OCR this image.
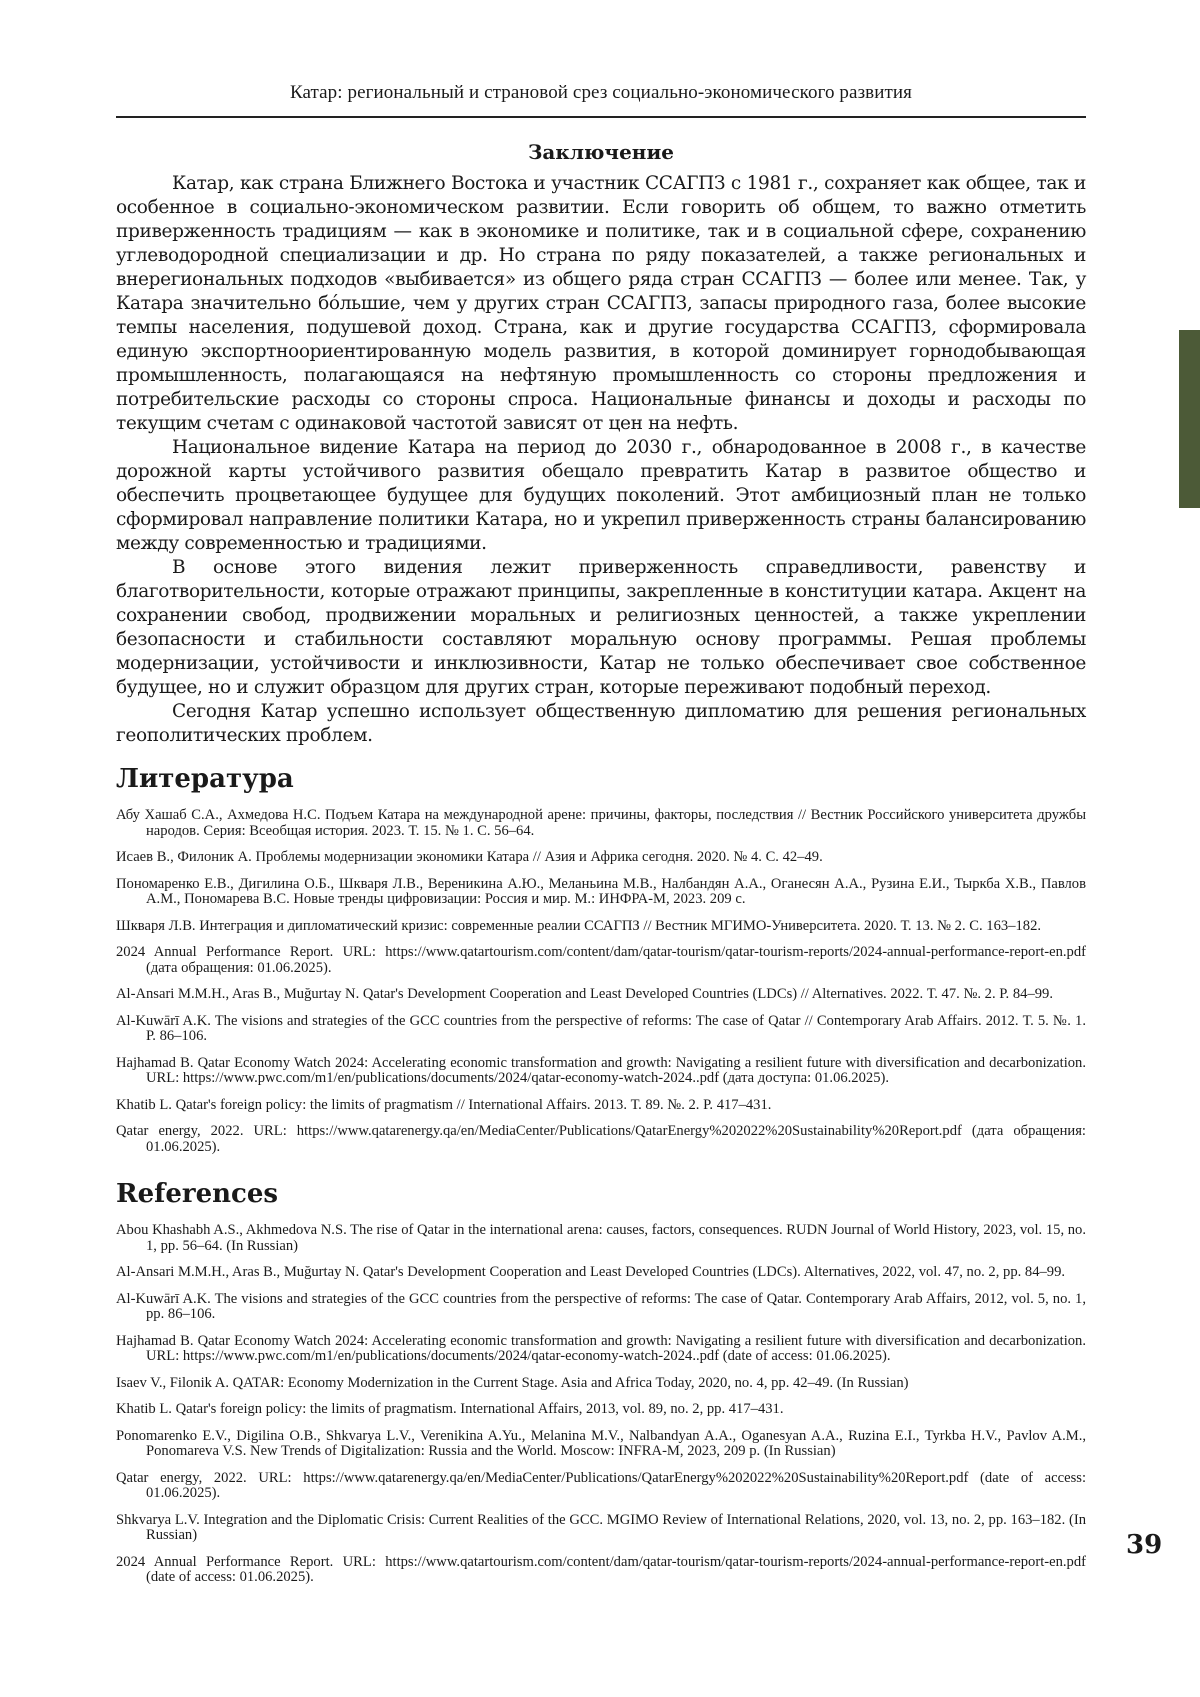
Катар: региональный и страновой срез социально-экономического развития
Заключение

Катар, как страна Ближнего Востока и участник ССАГПЗ с 1981 г., сохраняет как общее, так и особенное в социально-экономическом развитии. Если говорить об общем, то важно отметить приверженность традициям — как в экономике и политике, так и в социальной сфере, сохранению углеводородной специализации и др. Но страна по ряду показателей, а также региональных и внерегиональных подходов «выбивается» из общего ряда стран ССАГПЗ — более или менее. Так, у Катара значительно бóльшие, чем у других стран ССАГПЗ, запасы природного газа, более высокие темпы населения, подушевой доход. Страна, как и другие государства ССАГПЗ, сформировала единую экспортноориентированную модель развития, в которой доминирует горнодобывающая промышленность, полагающаяся на нефтяную промышленность со стороны предложения и потребительские расходы со стороны спроса. Национальные финансы и доходы и расходы по текущим счетам с одинаковой частотой зависят от цен на нефть.

Национальное видение Катара на период до 2030 г., обнародованное в 2008 г., в качестве дорожной карты устойчивого развития обещало превратить Катар в развитое общество и обеспечить процветающее будущее для будущих поколений. Этот амбициозный план не только сформировал направление политики Катара, но и укрепил приверженность страны балансированию между современностью и традициями.

В основе этого видения лежит приверженность справедливости, равенству и благотворительности, которые отражают принципы, закрепленные в конституции катара. Акцент на сохранении свобод, продвижении моральных и религиозных ценностей, а также укреплении безопасности и стабильности составляют моральную основу программы. Решая проблемы модернизации, устойчивости и инклюзивности, Катар не только обеспечивает свое собственное будущее, но и служит образцом для других стран, которые переживают подобный переход.

Сегодня Катар успешно использует общественную дипломатию для решения региональных геополитических проблем.

Литература

Абу Хашаб С.А., Ахмедова Н.С. Подъем Катара на международной арене: причины, факторы, последствия // Вестник Российского университета дружбы народов. Серия: Всеобщая история. 2023. Т. 15. № 1. С. 56–64.

Исаев В., Филоник А. Проблемы модернизации экономики Катара // Азия и Африка сегодня. 2020. № 4. С. 42–49.

Пономаренко Е.В., Дигилина О.Б., Шкваря Л.В., Вереникина А.Ю., Меланьина М.В., Налбандян А.А., Оганесян А.А., Рузина Е.И., Тыркба Х.В., Павлов А.М., Пономарева В.С. Новые тренды цифровизации: Россия и мир. М.: ИНФРА-М, 2023. 209 с.

Шкваря Л.В. Интеграция и дипломатический кризис: современные реалии ССАГПЗ // Вестник МГИМО-Университета. 2020. Т. 13. № 2. С. 163–182.

2024 Annual Performance Report. URL: https://www.qatartourism.com/content/dam/qatar-tourism/qatar-tourism-reports/2024-annual-performance-report-en.pdf (дата обращения: 01.06.2025).

Al-Ansari M.M.H., Aras B., Muğurtay N. Qatar's Development Cooperation and Least Developed Countries (LDCs) // Alternatives. 2022. Т. 47. №. 2. Р. 84–99.

Al-Kuwārī A.K. The visions and strategies of the GCC countries from the perspective of reforms: The case of Qatar // Contemporary Arab Affairs. 2012. Т. 5. №. 1. Р. 86–106.

Hajhamad B. Qatar Economy Watch 2024: Accelerating economic transformation and growth: Navigating a resilient future with diversification and decarbonization. URL: https://www.pwc.com/m1/en/publications/documents/2024/qatar-economy-watch-2024..pdf (дата доступа: 01.06.2025).

Khatib L. Qatar's foreign policy: the limits of pragmatism // International Affairs. 2013. Т. 89. №. 2. Р. 417–431.

Qatar energy, 2022. URL: https://www.qatarenergy.qa/en/MediaCenter/Publications/QatarEnergy%202022%20Sustainability%20Report.pdf (дата обращения: 01.06.2025).

References

Abou Khashabh A.S., Akhmedova N.S. The rise of Qatar in the international arena: causes, factors, consequences. RUDN Journal of World History, 2023, vol. 15, no. 1, pp. 56–64. (In Russian)

Al-Ansari M.M.H., Aras B., Muğurtay N. Qatar's Development Cooperation and Least Developed Countries (LDCs). Alternatives, 2022, vol. 47, no. 2, pp. 84–99.

Al-Kuwārī A.K. The visions and strategies of the GCC countries from the perspective of reforms: The case of Qatar. Contemporary Arab Affairs, 2012, vol. 5, no. 1, pp. 86–106.

Hajhamad B. Qatar Economy Watch 2024: Accelerating economic transformation and growth: Navigating a resilient future with diversification and decarbonization. URL: https://www.pwc.com/m1/en/publications/documents/2024/qatar-economy-watch-2024..pdf (date of access: 01.06.2025).

Isaev V., Filonik A. QATAR: Economy Modernization in the Current Stage. Asia and Africa Today, 2020, no. 4, pp. 42–49. (In Russian)

Khatib L. Qatar's foreign policy: the limits of pragmatism. International Affairs, 2013, vol. 89, no. 2, pp. 417–431.

Ponomarenko E.V., Digilina O.B., Shkvarya L.V., Verenikina A.Yu., Melanina M.V., Nalbandyan A.A., Oganesyan A.A., Ruzina E.I., Tyrkba H.V., Pavlov A.M., Ponomareva V.S. New Trends of Digitalization: Russia and the World. Moscow: INFRA-M, 2023, 209 p. (In Russian)

Qatar energy, 2022. URL: https://www.qatarenergy.qa/en/MediaCenter/Publications/QatarEnergy%202022%20Sustainability%20Report.pdf (date of access: 01.06.2025).

Shkvarya L.V. Integration and the Diplomatic Crisis: Current Realities of the GCC. MGIMO Review of International Relations, 2020, vol. 13, no. 2, pp. 163–182. (In Russian)

2024 Annual Performance Report. URL: https://www.qatartourism.com/content/dam/qatar-tourism/qatar-tourism-reports/2024-annual-performance-report-en.pdf (date of access: 01.06.2025).

39
